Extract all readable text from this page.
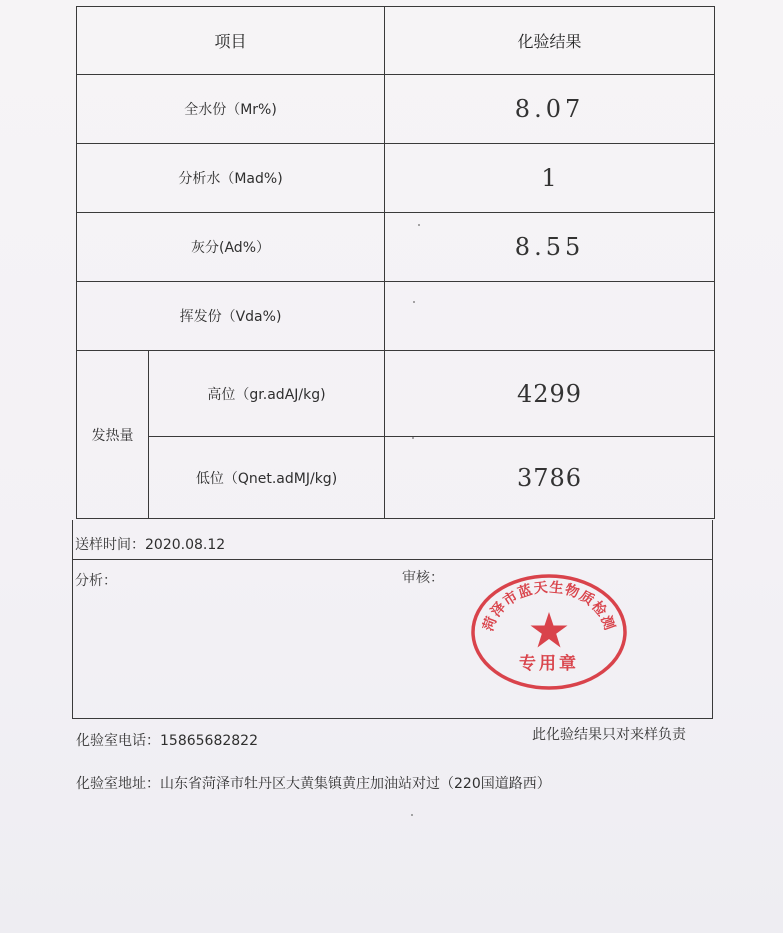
项目		化验结果
全水份（Mr%)		8.07
分析水（Mad%)		1
灰分(Ad%）		8.55
挥发份（Vda%)		
发热量	高位（gr.adAJ/kg)	4299
	低位（Qnet.adMJ/kg)	3786
送样时间：2020.08.12
分析：	审核：
菏泽市蓝天生物质检测
专用章
化验室电话：15865682822	此化验结果只对来样负责
化验室地址：山东省菏泽市牡丹区大黄集镇黄庄加油站对过（220国道路西）
